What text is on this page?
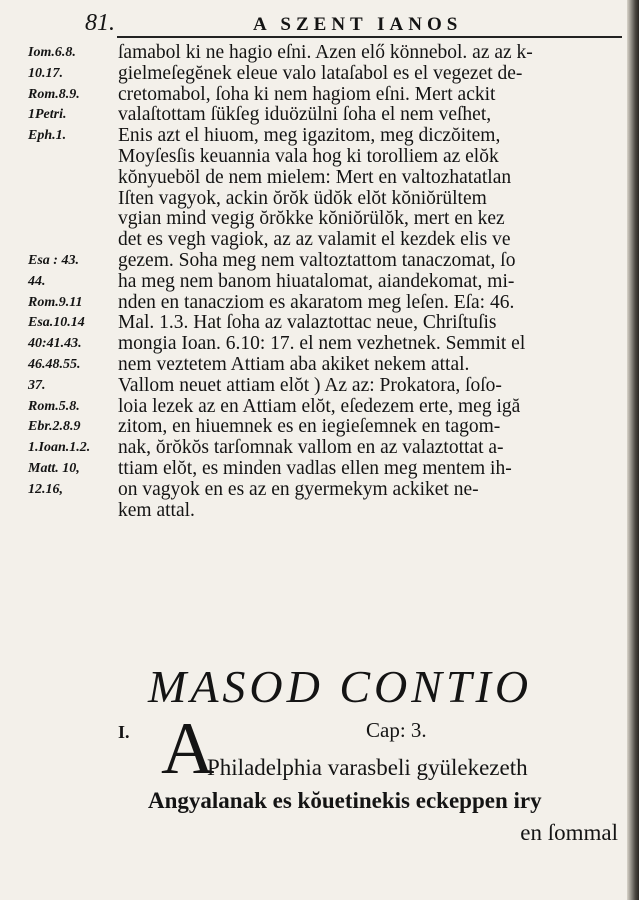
81.	A SZENT IANOS
Iom.6.8.
10.17.
Rom.8.9.
1Petri.
Eph.1.
Esa : 43.
44.
Rom.9.11
Esa.10.14
40:41.43.
46.48.55.
37.
Rom.5.8.
Ebr.2.8.9
1.Ioan.1.2.
Matt. 10,
12.16,
ſamabol ki ne hagio eſni. Azen elő könnebol. az az k-
gielmeſegĕnek eleue valo lataſabol es el vegezet de-
cretomabol, ſoha ki nem hagiom eſni. Mert ackit
valaſtottam ſükſeg iduözülni ſoha el nem veſhet,
Enis azt el hiuom, meg igazitom, meg diczŏitem,
Moyſesſis keuannia vala hog ki torolliem az elŏk
kŏnyueböl de nem mielem: Mert en valtozhatatlan
Iſten vagyok, ackin ŏrŏk üdŏk elŏt kŏniŏrültem
vgian mind vegig ŏrŏkke kŏniŏrülŏk, mert en kez
det es vegh vagiok, az az valamit el kezdek elis ve
gezem. Soha meg nem valtoztattom tanaczomat, ſo
ha meg nem banom hiuatalomat, aiandekomat, mi-
nden en tanacziom es akaratom meg leſen. Eſa: 46.
Mal. 1.3. Hat ſoha az valaztottac neue, Chriſtuſis
mongia Ioan. 6.10: 17. el nem vezhetnek. Semmit el
nem veztetem Attiam aba akiket nekem attal.
Vallom neuet attiam elŏt ) Az az: Prokatora, ſoſo-
loia lezek az en Attiam elŏt, eſedezem erte, meg igă
zitom, en hiuemnek es en iegieſemnek en tagom-
nak, ŏrŏkŏs tarſomnak vallom en az valaztottat a-
ttiam elŏt, es minden vadlas ellen meg mentem ih-
on vagyok en es az en gyermekym ackiket ne-
kem attal.
MASOD CONTIO
I.	Cap: 3.
A
Philadelphia varasbeli gyülekezeth
Angyalanak es kŏuetinekis eckeppen iry
en ſommal
